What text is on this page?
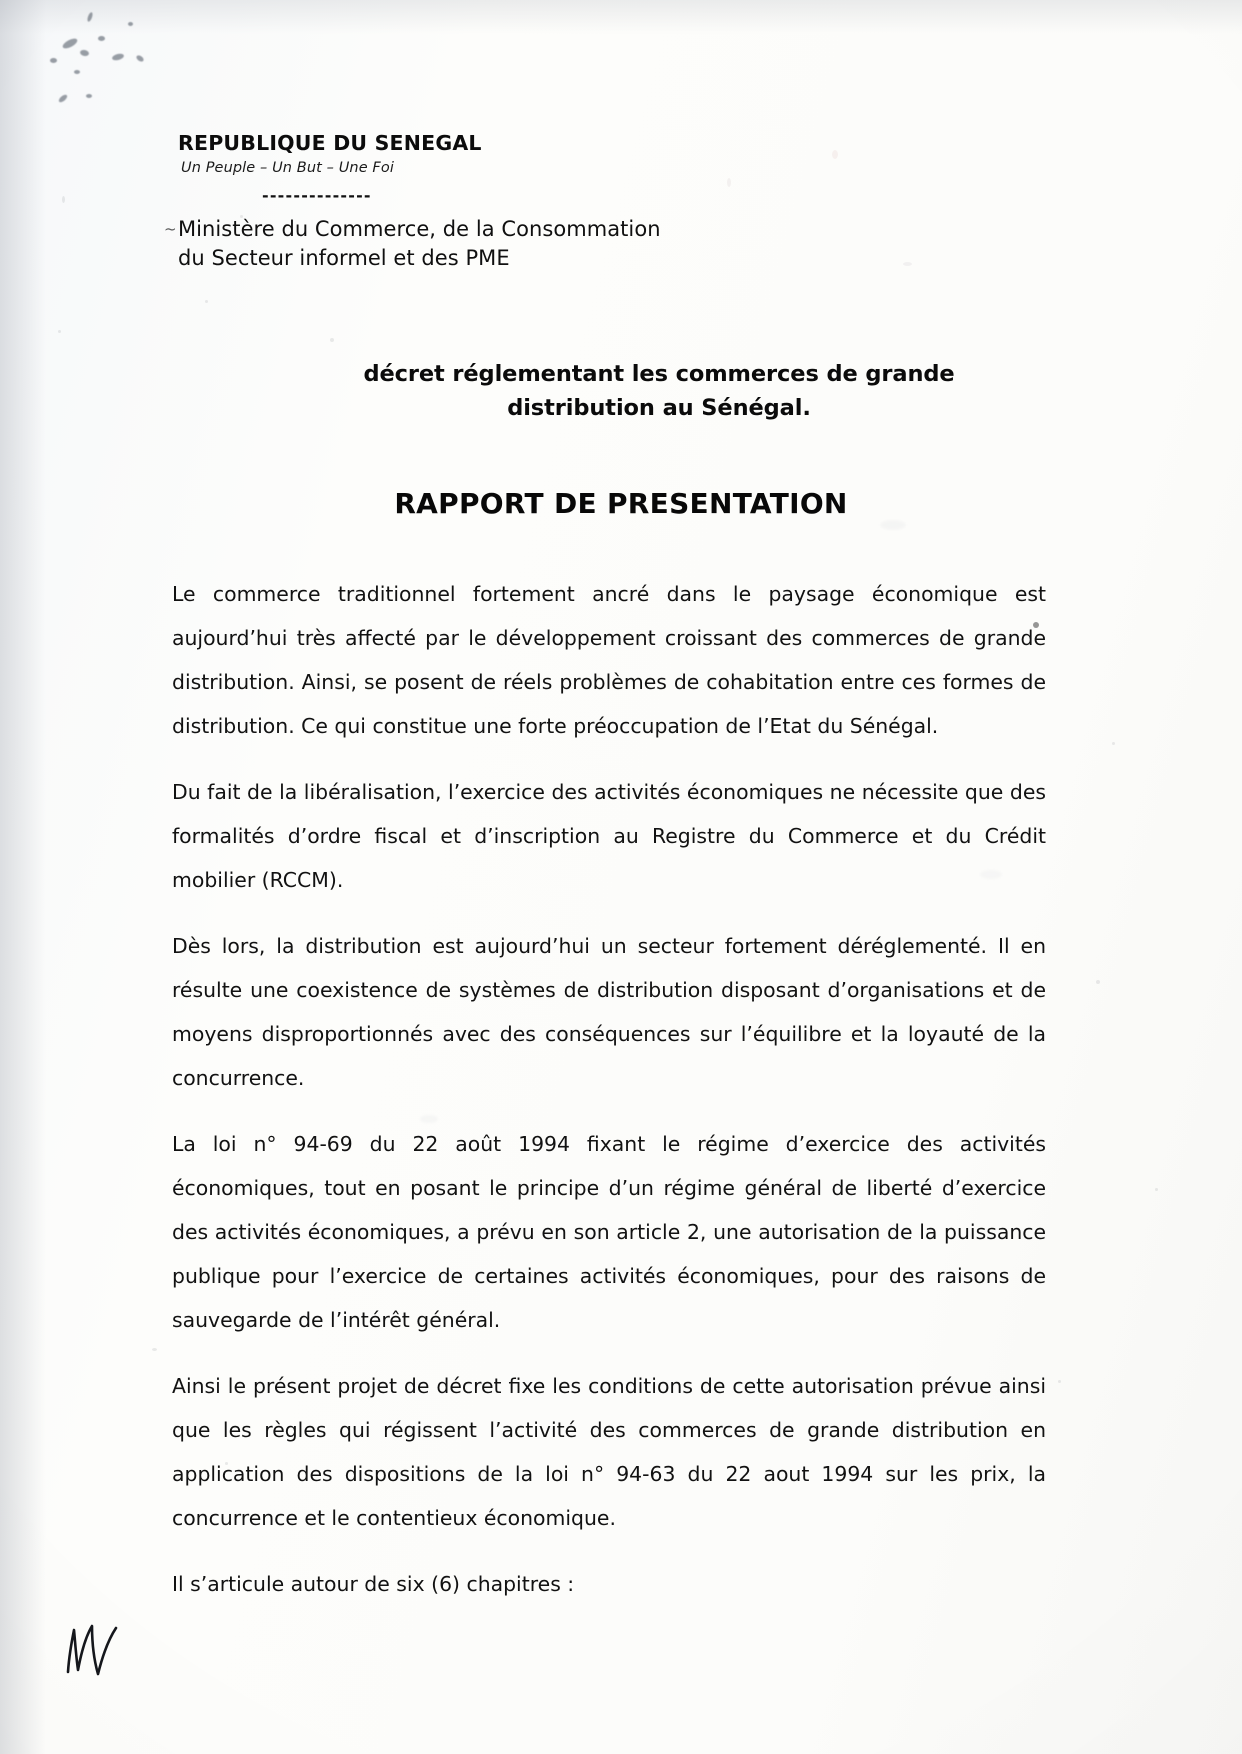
REPUBLIQUE DU SENEGAL
Un Peuple – Un But – Une Foi
--------------
~ Ministère du Commerce, de la Consommation
du Secteur informel et des PME
décret réglementant les commerces de grande distribution au Sénégal.
RAPPORT DE PRESENTATION

Le commerce traditionnel fortement ancré dans le paysage économique est aujourd’hui très affecté par le développement croissant des commerces de grande distribution. Ainsi, se posent de réels problèmes de cohabitation entre ces formes de distribution. Ce qui constitue une forte préoccupation de l’Etat du Sénégal.

Du fait de la libéralisation, l’exercice des activités économiques ne nécessite que des formalités d’ordre fiscal et d’inscription au Registre du Commerce et du Crédit mobilier (RCCM).

Dès lors, la distribution est aujourd’hui un secteur fortement déréglementé. Il en résulte une coexistence de systèmes de distribution disposant d’organisations et de moyens disproportionnés avec des conséquences sur l’équilibre et la loyauté de la concurrence.

La loi n° 94-69 du 22 août 1994 fixant le régime d’exercice des activités économiques, tout en posant le principe d’un régime général de liberté d’exercice des activités économiques, a prévu en son article 2, une autorisation de la puissance publique pour l’exercice de certaines activités économiques, pour des raisons de sauvegarde de l’intérêt général.

Ainsi le présent projet de décret fixe les conditions de cette autorisation prévue ainsi que les règles qui régissent l’activité des commerces de grande distribution en application des dispositions de la loi n° 94-63 du 22 aout 1994 sur les prix, la concurrence et le contentieux économique.

Il s’articule autour de six (6) chapitres :
